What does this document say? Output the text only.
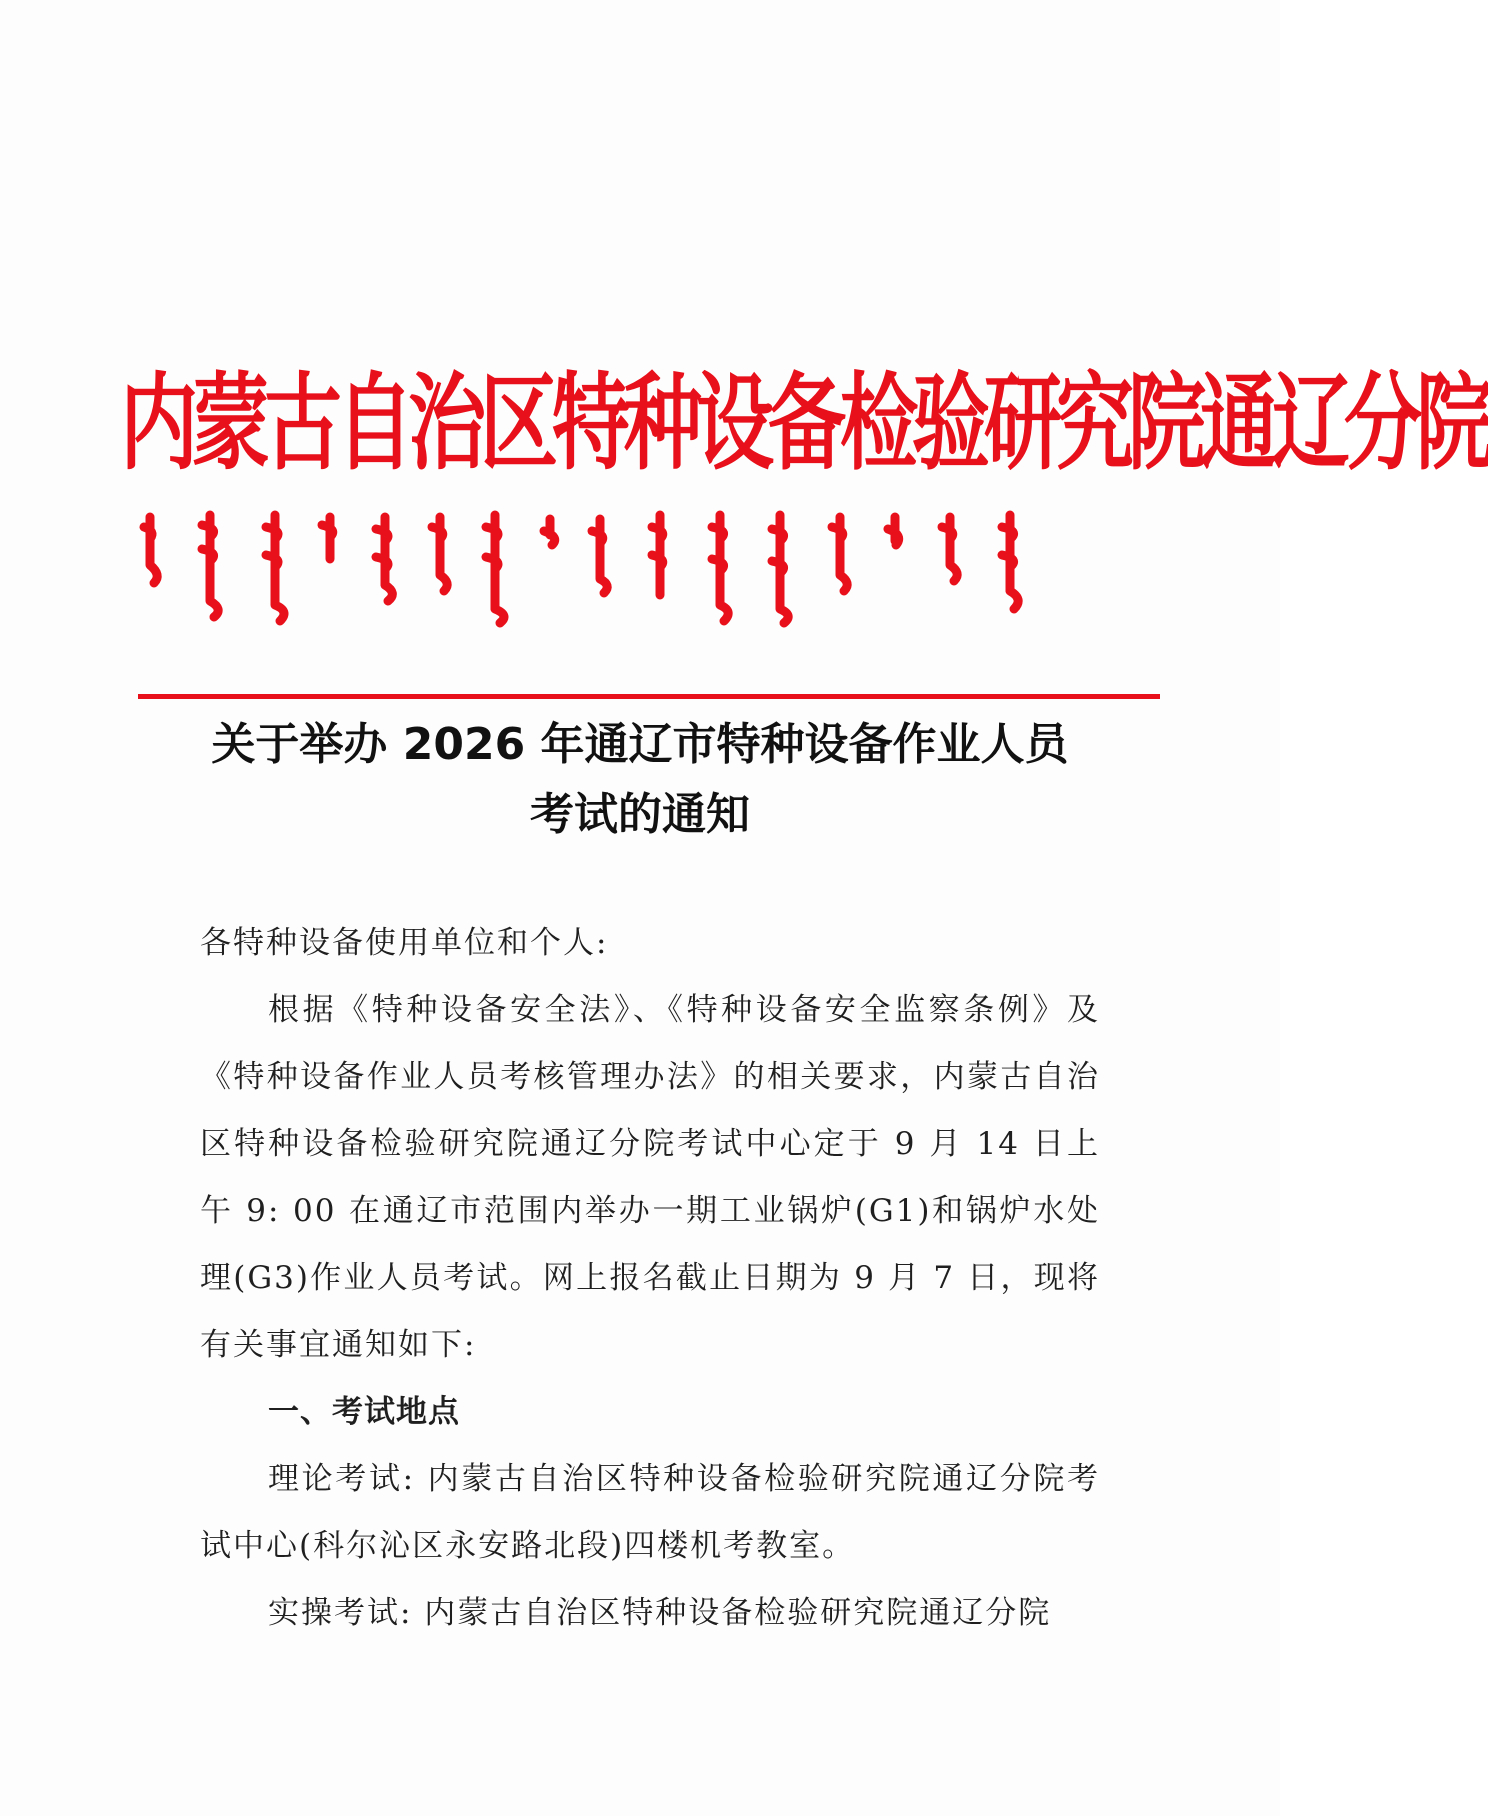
内蒙古自治区特种设备检验研究院通辽分院
关于举办 2026 年通辽市特种设备作业人员
考试的通知

各特种设备使用单位和个人:

根据《特种设备安全法》、《特种设备安全监察条例》及《特种设备作业人员考核管理办法》的相关要求，内蒙古自治区特种设备检验研究院通辽分院考试中心定于 9 月 14 日上午 9: 00 在通辽市范围内举办一期工业锅炉(G1)和锅炉水处理(G3)作业人员考试。网上报名截止日期为 9 月 7 日，现将有关事宜通知如下:

一、考试地点

理论考试: 内蒙古自治区特种设备检验研究院通辽分院考试中心(科尔沁区永安路北段)四楼机考教室。

实操考试: 内蒙古自治区特种设备检验研究院通辽分院
